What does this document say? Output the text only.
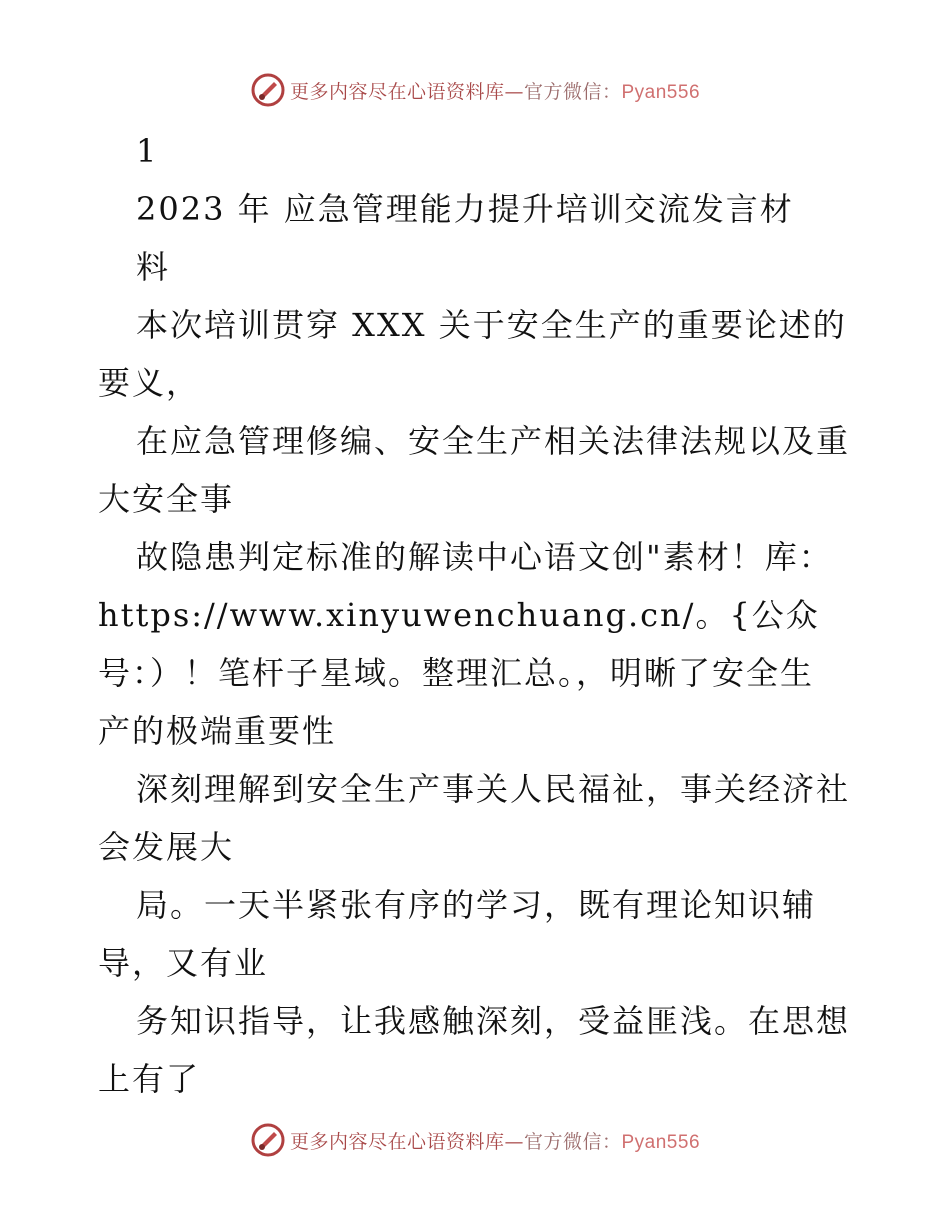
更多内容尽在心语资料库—官方微信：Pyan556
1
2023 年 应急管理能力提升培训交流发言材
料
本次培训贯穿 XXX 关于安全生产的重要论述的
要义，
在应急管理修编、安全生产相关法律法规以及重
大安全事
故隐患判定标准的解读中心语文创"素材！库：
https://www.xinyuwenchuang.cn/。{公众
号：）！笔杆子星域。整理汇总。，明晰了安全生
产的极端重要性
深刻理解到安全生产事关人民福祉，事关经济社
会发展大
局。一天半紧张有序的学习，既有理论知识辅
导，又有业
务知识指导，让我感触深刻，受益匪浅。在思想
上有了
更多内容尽在心语资料库—官方微信：Pyan556
